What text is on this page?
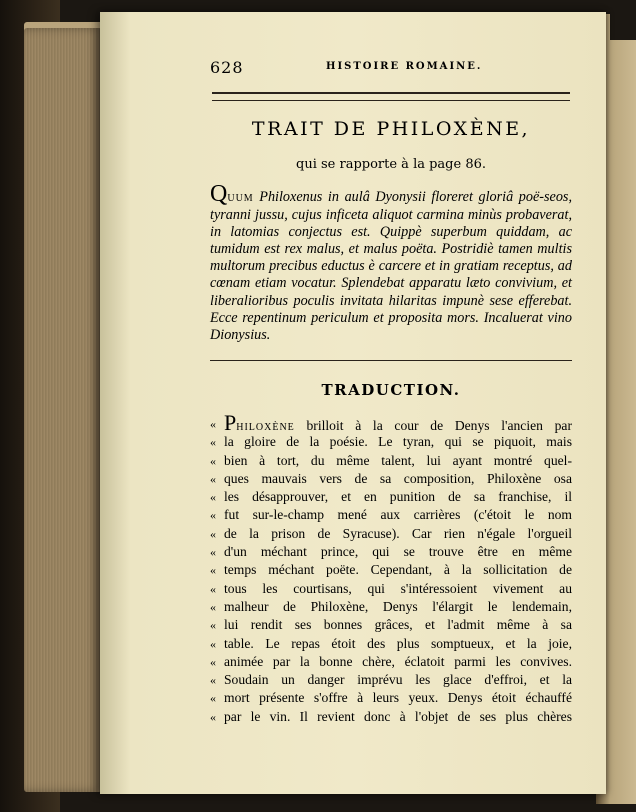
628	HISTOIRE ROMAINE.
TRAIT DE PHILOXÈNE,
qui se rapporte à la page 86.
QUUM Philoxenus in aulâ Dyonysii floreret gloriâ poë-seos, tyranni jussu, cujus inficeta aliquot carmina minùs probaverat, in latomias conjectus est. Quippè superbum quiddam, ac tumidum est rex malus, et malus poëta. Postridiè tamen multis multorum precibus eductus è carcere et in gratiam receptus, ad cœnam etiam vocatur. Splendebat apparatu læto convivium, et liberalioribus poculis invitata hilaritas impunè sese efferebat. Ecce repentinum periculum et proposita mors. Incaluerat vino Dionysius.
TRADUCTION.
« PHILOXÈNE brilloit à la cour de Denys l'ancien par
« la gloire de la poésie. Le tyran, qui se piquoit, mais
« bien à tort, du même talent, lui ayant montré quel-
« ques mauvais vers de sa composition, Philoxène osa
« les désapprouver, et en punition de sa franchise, il
« fut sur-le-champ mené aux carrières (c'étoit le nom
« de la prison de Syracuse). Car rien n'égale l'orgueil
« d'un méchant prince, qui se trouve être en même
« temps méchant poëte. Cependant, à la sollicitation de
« tous les courtisans, qui s'intéressoient vivement au
« malheur de Philoxène, Denys l'élargit le lendemain,
« lui rendit ses bonnes grâces, et l'admit même à sa
« table. Le repas étoit des plus somptueux, et la joie,
« animée par la bonne chère, éclatoit parmi les convives.
« Soudain un danger imprévu les glace d'effroi, et la
« mort présente s'offre à leurs yeux. Denys étoit échauffé
« par le vin. Il revient donc à l'objet de ses plus chères
